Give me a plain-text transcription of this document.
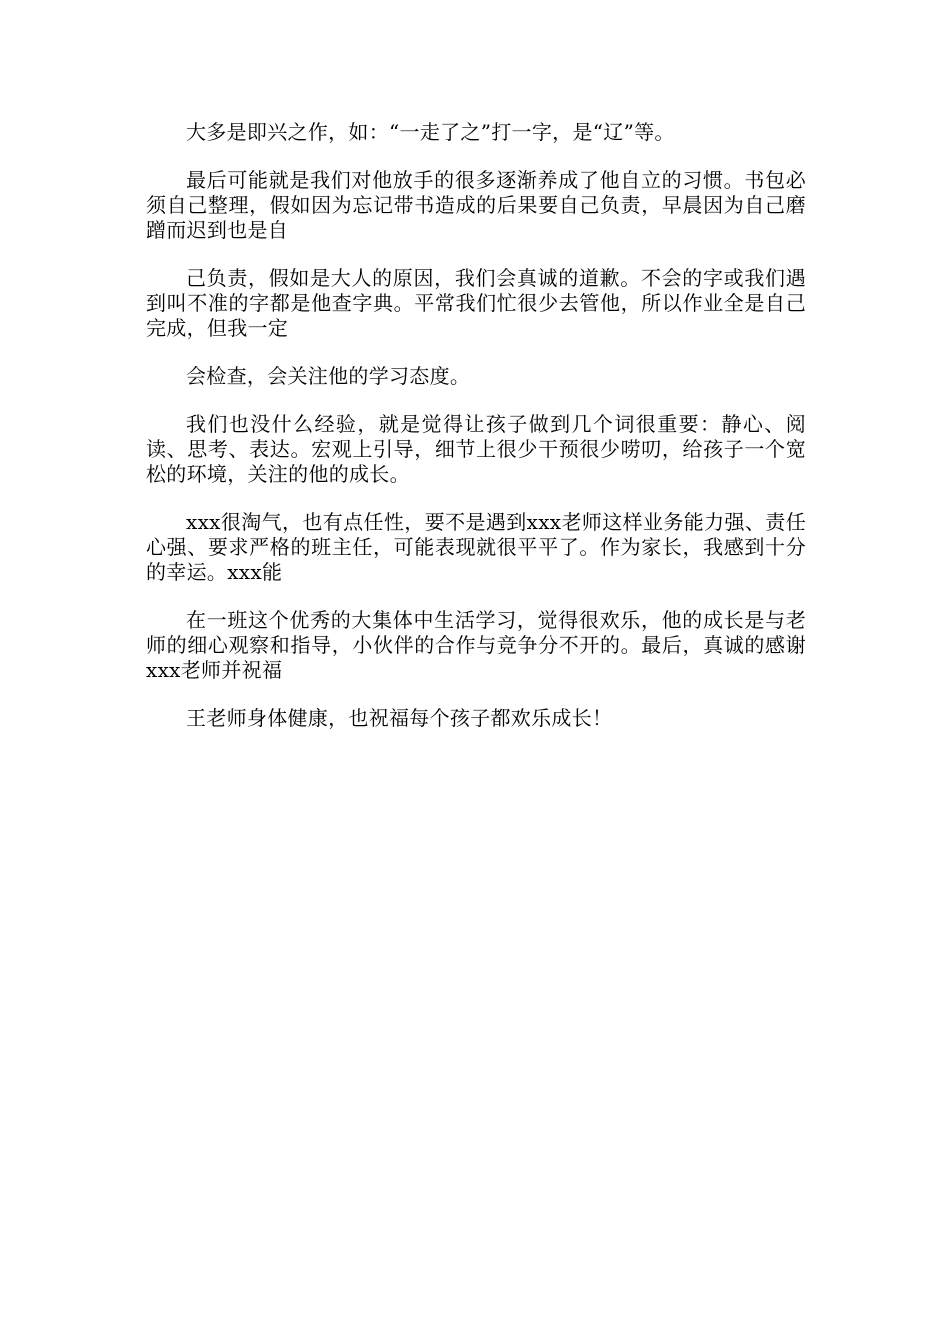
大多是即兴之作，如：“一走了之”打一字，是“辽”等。

最后可能就是我们对他放手的很多逐渐养成了他自立的习惯。书包必须自己整理，假如因为忘记带书造成的后果要自己负责，早晨因为自己磨蹭而迟到也是自

己负责，假如是大人的原因，我们会真诚的道歉。不会的字或我们遇到叫不准的字都是他查字典。平常我们忙很少去管他，所以作业全是自己完成，但我一定

会检查，会关注他的学习态度。

我们也没什么经验，就是觉得让孩子做到几个词很重要：静心、阅读、思考、表达。宏观上引导，细节上很少干预很少唠叨，给孩子一个宽松的环境，关注的他的成长。

xxx很淘气，也有点任性，要不是遇到xxx老师这样业务能力强、责任心强、要求严格的班主任，可能表现就很平平了。作为家长，我感到十分的幸运。xxx能

在一班这个优秀的大集体中生活学习，觉得很欢乐，他的成长是与老师的细心观察和指导，小伙伴的合作与竞争分不开的。最后，真诚的感谢xxx老师并祝福

王老师身体健康，也祝福每个孩子都欢乐成长！
